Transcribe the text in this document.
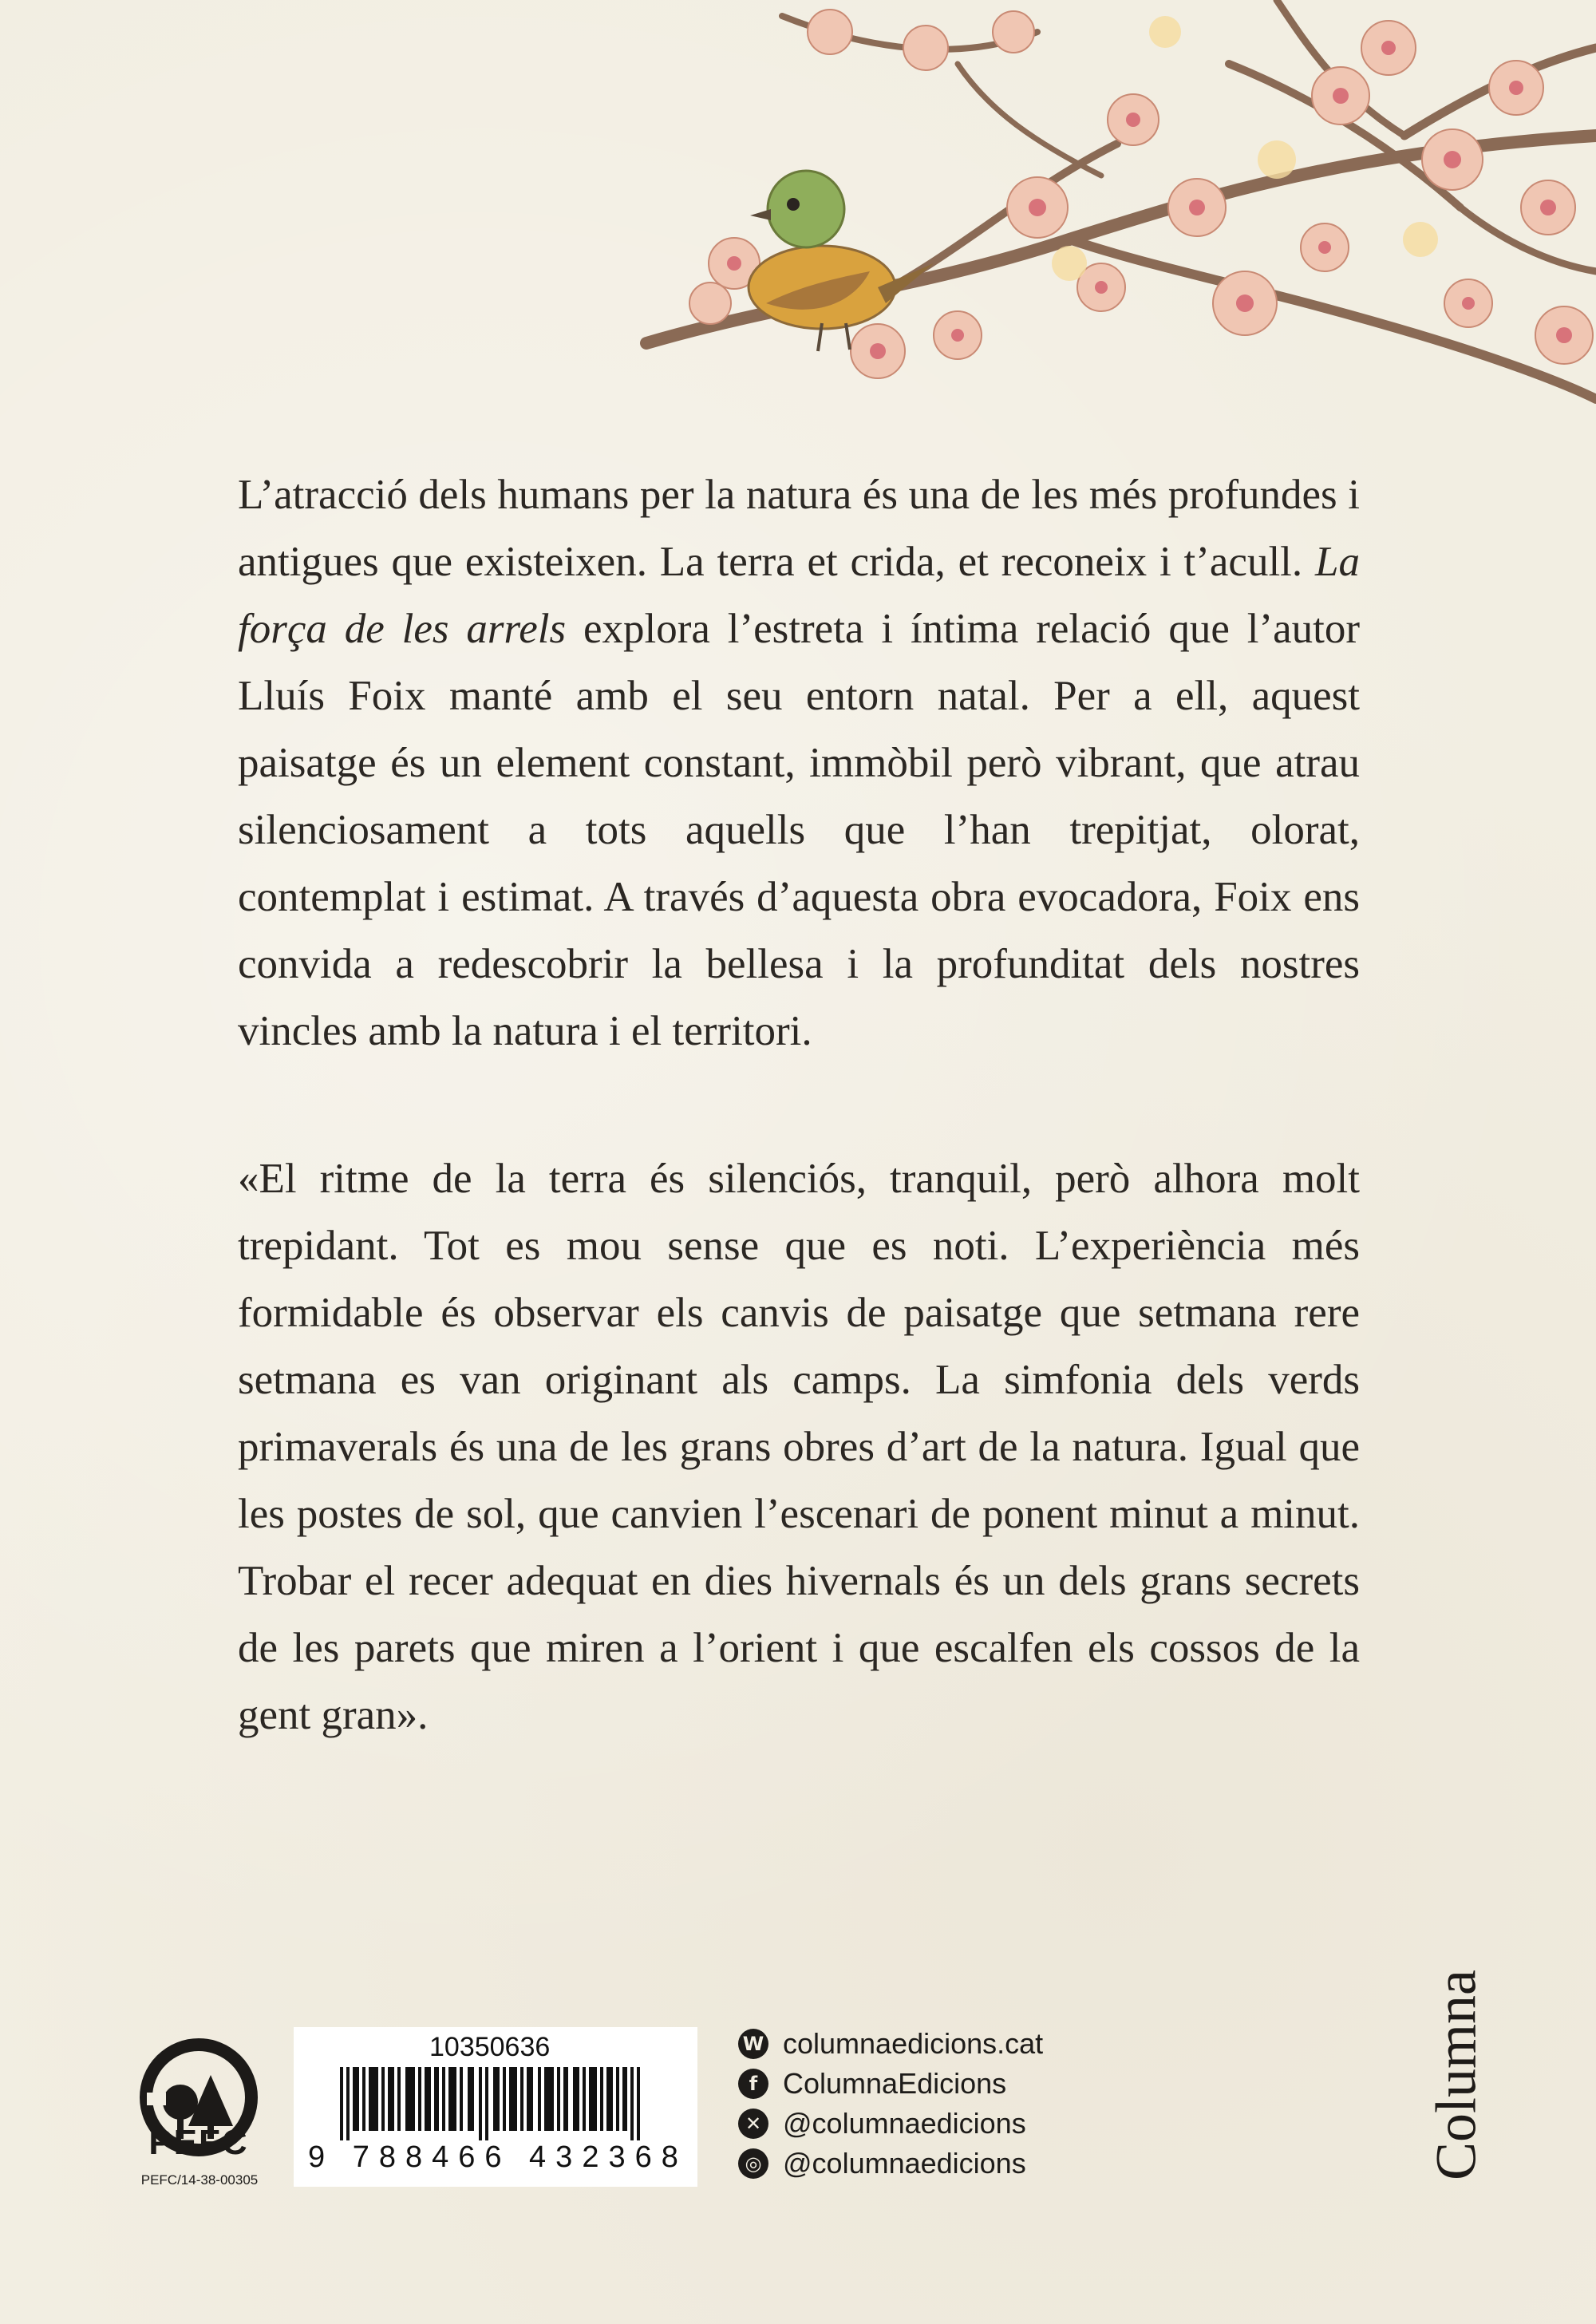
L’atracció dels humans per la natura és una de les més profundes i antigues que existeixen. La terra et crida, et reconeix i t’acull. La força de les arrels explora l’estreta i íntima relació que l’autor Lluís Foix manté amb el seu entorn natal. Per a ell, aquest paisatge és un element constant, immòbil però vibrant, que atrau silenciosament a tots aquells que l’han trepitjat, olorat, contemplat i estimat. A través d’aquesta obra evocadora, Foix ens convida a redescobrir la bellesa i la profunditat dels nostres vincles amb la natura i el territori.

«El ritme de la terra és silenciós, tranquil, però alhora molt trepidant. Tot es mou sense que es noti. L’experiència més formidable és observar els canvis de paisatge que setmana rere setmana es van originant als camps. La simfonia dels verds primaverals és una de les grans obres d’art de la natura. Igual que les postes de sol, que canvien l’escenari de ponent minut a minut. Trobar el recer adequat en dies hivernals és un dels grans secrets de les parets que miren a l’orient i que escalfen els cossos de la gent gran».

PEFC
PEFC/14-38-00305
10350636
9 788466 432368
W columnaedicions.cat
f ColumnaEdicions
✕ @columnaedicions
◎ @columnaedicions	Columna
